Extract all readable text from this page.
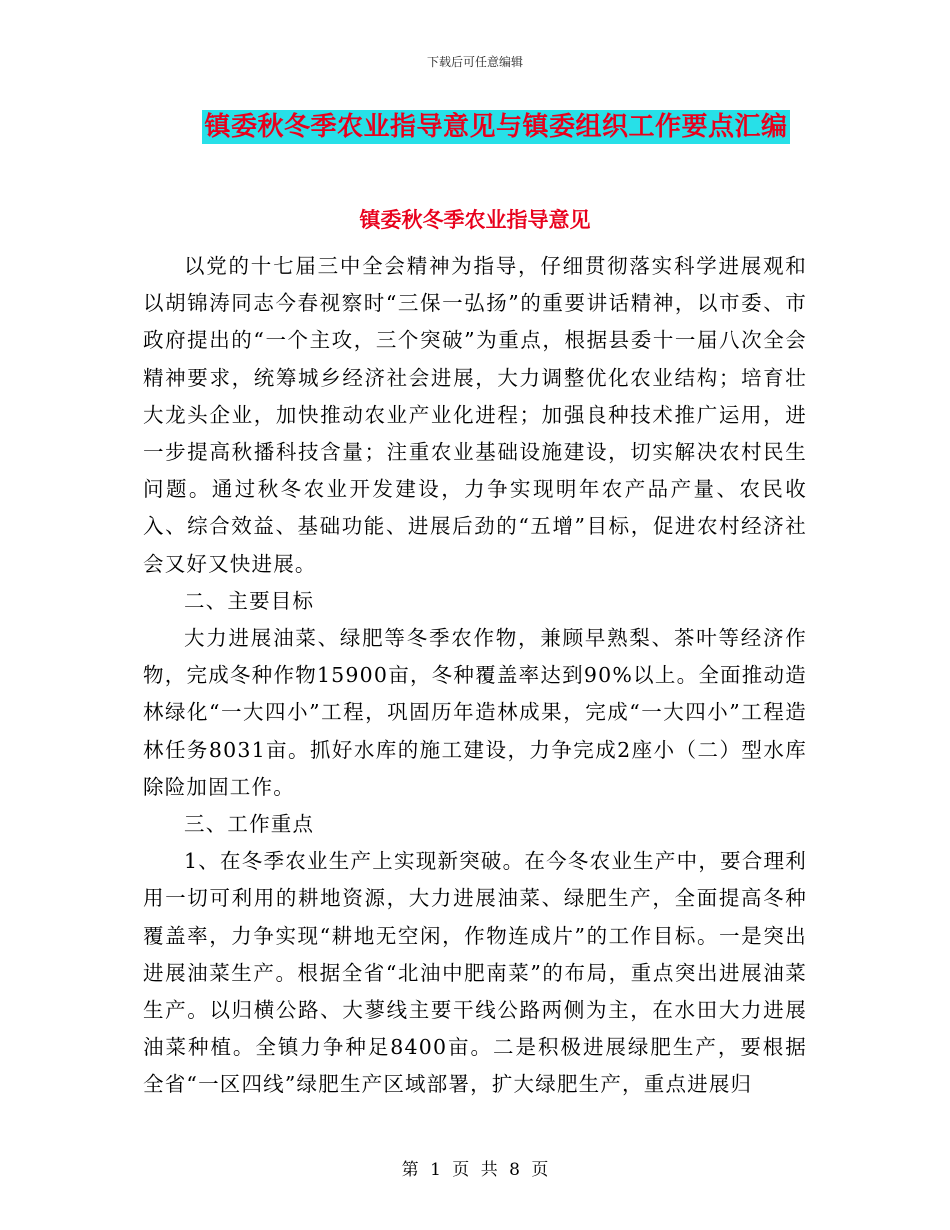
下载后可任意编辑
镇委秋冬季农业指导意见与镇委组织工作要点汇编
镇委秋冬季农业指导意见

以党的十七届三中全会精神为指导，仔细贯彻落实科学进展观和以胡锦涛同志今春视察时“三保一弘扬”的重要讲话精神，以市委、市政府提出的“一个主攻，三个突破”为重点，根据县委十一届八次全会精神要求，统筹城乡经济社会进展，大力调整优化农业结构；培育壮大龙头企业，加快推动农业产业化进程；加强良种技术推广运用，进一步提高秋播科技含量；注重农业基础设施建设，切实解决农村民生问题。通过秋冬农业开发建设，力争实现明年农产品产量、农民收入、综合效益、基础功能、进展后劲的“五增”目标，促进农村经济社会又好又快进展。

二、主要目标

大力进展油菜、绿肥等冬季农作物，兼顾早熟梨、茶叶等经济作物，完成冬种作物15900亩，冬种覆盖率达到90%以上。全面推动造林绿化“一大四小”工程，巩固历年造林成果，完成“一大四小”工程造林任务8031亩。抓好水库的施工建设，力争完成2座小（二）型水库除险加固工作。

三、工作重点

1、在冬季农业生产上实现新突破。在今冬农业生产中，要合理利用一切可利用的耕地资源，大力进展油菜、绿肥生产，全面提高冬种覆盖率，力争实现“耕地无空闲，作物连成片”的工作目标。一是突出进展油菜生产。根据全省“北油中肥南菜”的布局，重点突出进展油菜生产。以归横公路、大蓼线主要干线公路两侧为主，在水田大力进展油菜种植。全镇力争种足8400亩。二是积极进展绿肥生产，要根据全省“一区四线”绿肥生产区域部署，扩大绿肥生产，重点进展归

第 1 页 共 8 页
